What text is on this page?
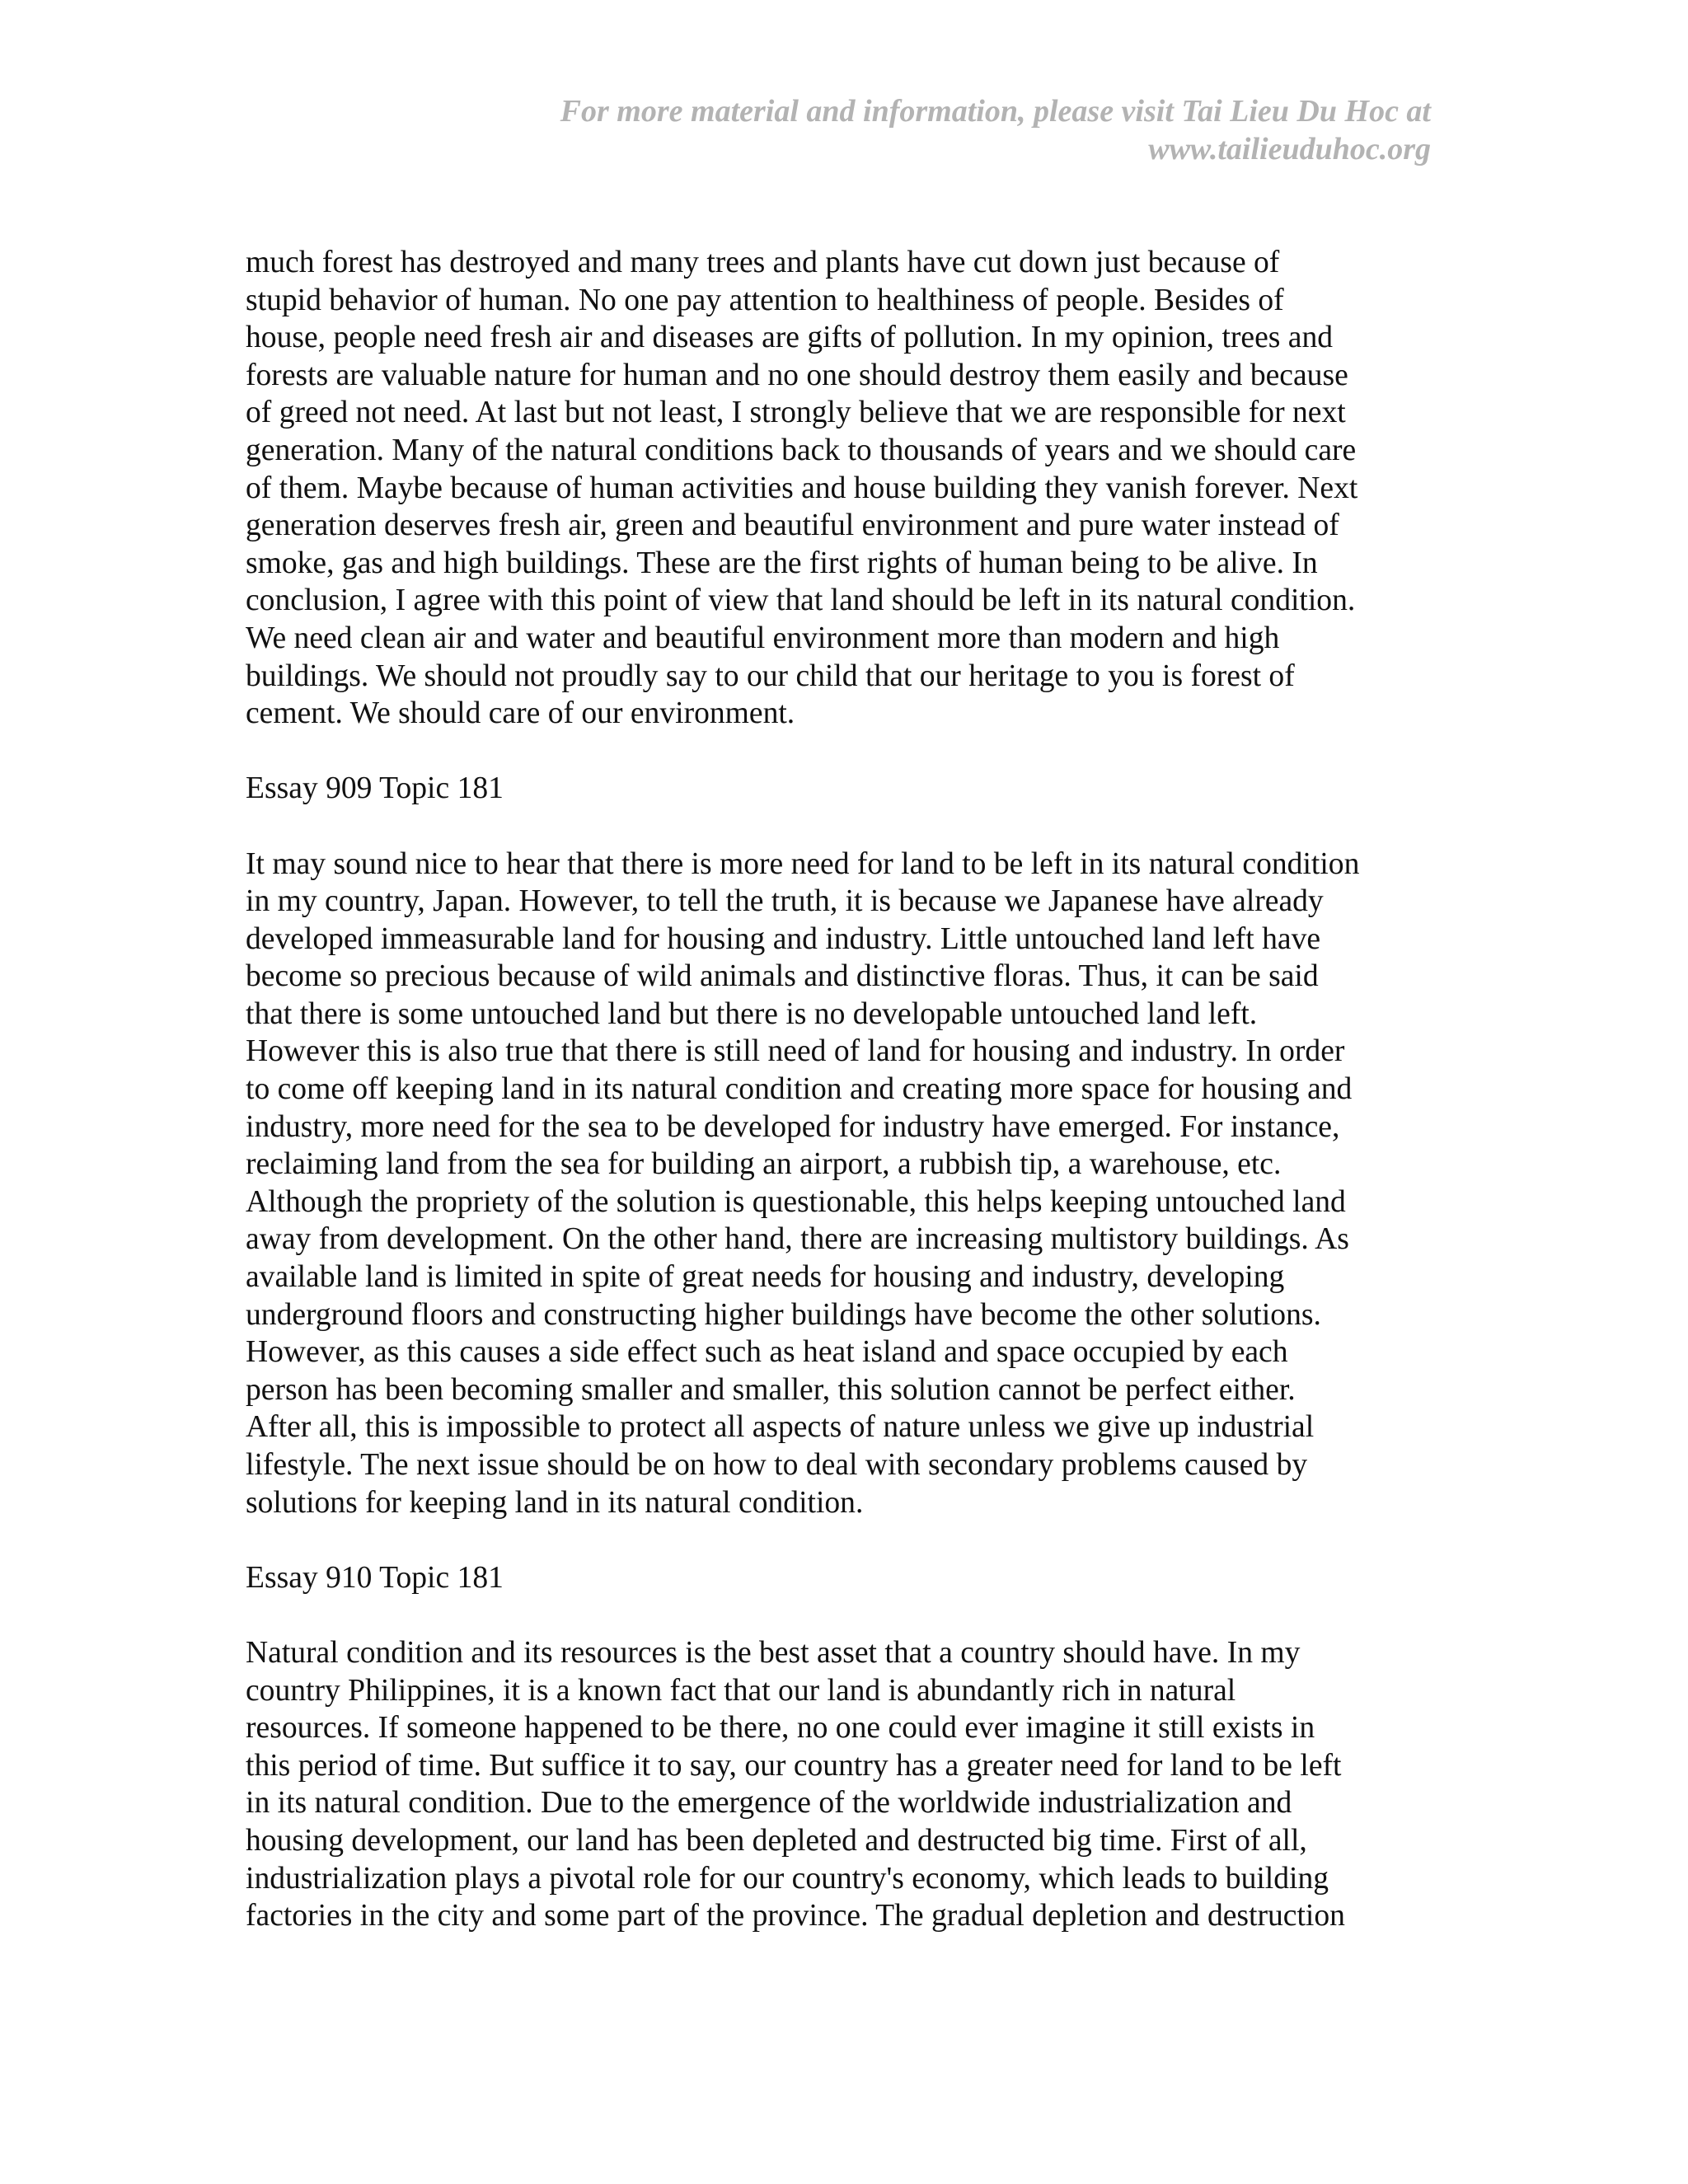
For more material and information, please visit Tai Lieu Du Hoc at
www.tailieuduhoc.org

much forest has destroyed and many trees and plants have cut down just because of
stupid behavior of human. No one pay attention to healthiness of people. Besides of
house, people need fresh air and diseases are gifts of pollution. In my opinion, trees and
forests are valuable nature for human and no one should destroy them easily and because
of greed not need. At last but not least, I strongly believe that we are responsible for next
generation. Many of the natural conditions back to thousands of years and we should care
of them. Maybe because of human activities and house building they vanish forever. Next
generation deserves fresh air, green and beautiful environment and pure water instead of
smoke, gas and high buildings. These are the first rights of human being to be alive. In
conclusion, I agree with this point of view that land should be left in its natural condition.
We need clean air and water and beautiful environment more than modern and high
buildings. We should not proudly say to our child that our heritage to you is forest of
cement. We should care of our environment.

Essay 909 Topic 181

It may sound nice to hear that there is more need for land to be left in its natural condition
in my country, Japan. However, to tell the truth, it is because we Japanese have already
developed immeasurable land for housing and industry. Little untouched land left have
become so precious because of wild animals and distinctive floras. Thus, it can be said
that there is some untouched land but there is no developable untouched land left.
However this is also true that there is still need of land for housing and industry. In order
to come off keeping land in its natural condition and creating more space for housing and
industry, more need for the sea to be developed for industry have emerged. For instance,
reclaiming land from the sea for building an airport, a rubbish tip, a warehouse, etc.
Although the propriety of the solution is questionable, this helps keeping untouched land
away from development. On the other hand, there are increasing multistory buildings. As
available land is limited in spite of great needs for housing and industry, developing
underground floors and constructing higher buildings have become the other solutions.
However, as this causes a side effect such as heat island and space occupied by each
person has been becoming smaller and smaller, this solution cannot be perfect either.
After all, this is impossible to protect all aspects of nature unless we give up industrial
lifestyle. The next issue should be on how to deal with secondary problems caused by
solutions for keeping land in its natural condition.

Essay 910 Topic 181

Natural condition and its resources is the best asset that a country should have. In my
country Philippines, it is a known fact that our land is abundantly rich in natural
resources. If someone happened to be there, no one could ever imagine it still exists in
this period of time. But suffice it to say, our country has a greater need for land to be left
in its natural condition. Due to the emergence of the worldwide industrialization and
housing development, our land has been depleted and destructed big time. First of all,
industrialization plays a pivotal role for our country's economy, which leads to building
factories in the city and some part of the province. The gradual depletion and destruction
